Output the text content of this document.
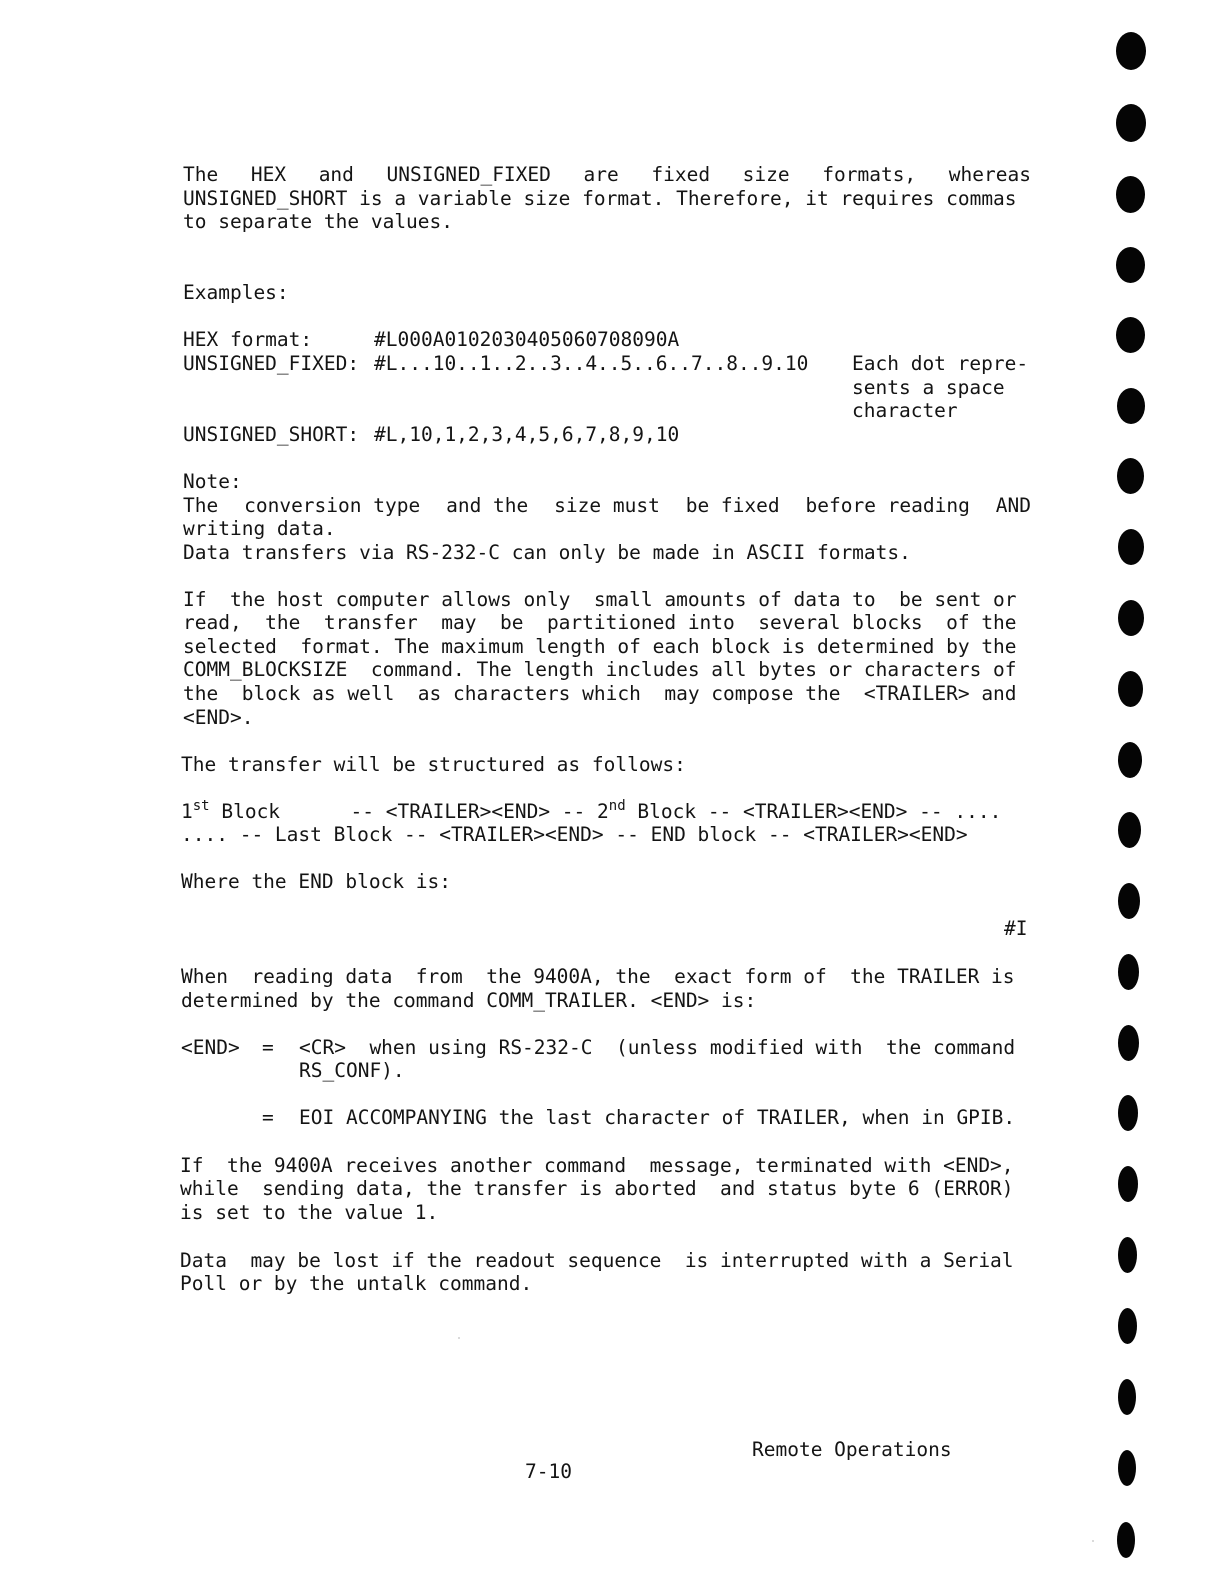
The HEX and UNSIGNED_FIXED are fixed size formats, whereas

UNSIGNED_SHORT is a variable size format. Therefore, it requires commas

to separate the values.

Examples:

HEX format:	#L000A0102030405060708090A

UNSIGNED_FIXED: #L...10..1..2..3..4..5..6..7..8..9.10 Each dot repre-

sents a space

character

UNSIGNED_SHORT: #L,10,1,2,3,4,5,6,7,8,9,10

Note:

The conversion type and the size must be fixed before reading AND

writing data.

Data transfers via RS-232-C can only be made in ASCII formats.

If  the host computer allows only  small amounts of data to  be sent or

read,  the  transfer  may  be  partitioned into  several blocks  of the

selected  format. The maximum length of each block is determined by the

COMM_BLOCKSIZE  command. The length includes all bytes or characters of

the  block as well  as characters which  may compose the  <TRAILER> and

<END>.

The transfer will be structured as follows:

1st Block      -- <TRAILER><END> -- 2nd Block -- <TRAILER><END> -- ....

.... -- Last Block -- <TRAILER><END> -- END block -- <TRAILER><END>

Where the END block is:

#I

When  reading data  from  the 9400A, the  exact form of  the TRAILER is

determined by the command COMM_TRAILER. <END> is:

<END> = <CR>  when using RS-232-C  (unless modified with  the command

RS_CONF).

= EOI ACCOMPANYING the last character of TRAILER, when in GPIB.

If  the 9400A receives another command  message, terminated with <END>,

while  sending data, the transfer is aborted  and status byte 6 (ERROR)

is set to the value 1.

Data  may be lost if the readout sequence  is interrupted with a Serial

Poll or by the untalk command.

Remote Operations

7-10
